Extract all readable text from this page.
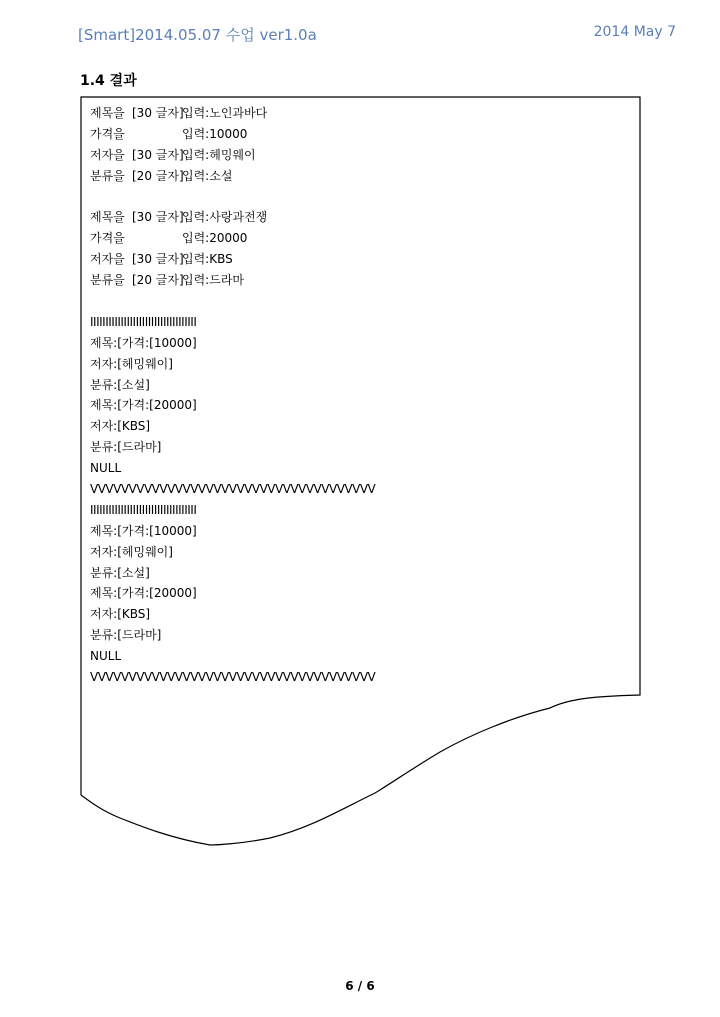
[Smart]2014.05.07 수업 ver1.0a	2014 May 7
1.4 결과
제목을 [30 글자]입력:노인과바다
가격을	입력:10000
저자을 [30 글자]입력:헤밍웨이
분류을 [20 글자]입력:소설
제목을 [30 글자]입력:사랑과전쟁
가격을	입력:20000
저자을 [30 글자]입력:KBS
분류을 [20 글자]입력:드라마
IIIIIIIIIIIIIIIIIIIIIIIIIIIIIIIIIII
제목:[가격:[10000]
저자:[헤밍웨이]
분류:[소설]
제목:[가격:[20000]
저자:[KBS]
분류:[드라마]
NULL
VVVVVVVVVVVVVVVVVVVVVVVVVVVVVVVVVVVVV
IIIIIIIIIIIIIIIIIIIIIIIIIIIIIIIIIII
제목:[가격:[10000]
저자:[헤밍웨이]
분류:[소설]
제목:[가격:[20000]
저자:[KBS]
분류:[드라마]
NULL
VVVVVVVVVVVVVVVVVVVVVVVVVVVVVVVVVVVVV
6 / 6
